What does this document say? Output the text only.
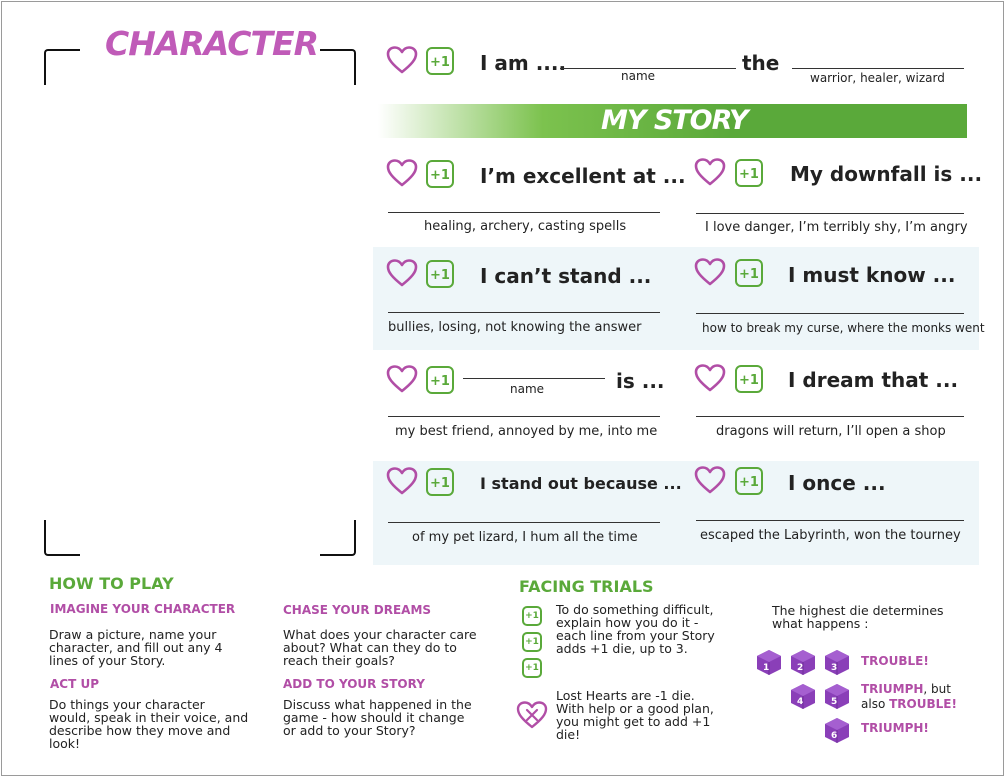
CHARACTER	+1 I am ....
name
the
warrior, healer, wizard
MY STORY
+1 I’m excellent at ...
healing, archery, casting spells
+1 My downfall is ...
I love danger, I’m terribly shy, I’m angry
+1 I can’t stand ...
bullies, losing, not knowing the answer
+1 I must know ...
how to break my curse, where the monks went
+1	name	is ...
my best friend, annoyed by me, into me
+1 I dream that ...
dragons will return, I’ll open a shop
+1 I stand out because ...
of my pet lizard, I hum all the time
+1 I once ...
escaped the Labyrinth, won the tourney
HOW TO PLAY
IMAGINE YOUR CHARACTER
Draw a picture, name your character, and fill out any 4 lines of your Story.
ACT UP
Do things your character would, speak in their voice, and describe how they move and look!
CHASE YOUR DREAMS
What does your character care about? What can they do to reach their goals?
ADD TO YOUR STORY
Discuss what happened in the game - how should it change or add to your Story?
FACING TRIALS
+1
+1
+1
To do something difficult, explain how you do it - each line from your Story adds +1 die, up to 3.
Lost Hearts are -1 die. With help or a good plan, you might get to add +1 die!
The highest die determines what happens :
1	2	3 TROUBLE!
4	5
TRIUMPH, but also TROUBLE!
6
TRIUMPH!
